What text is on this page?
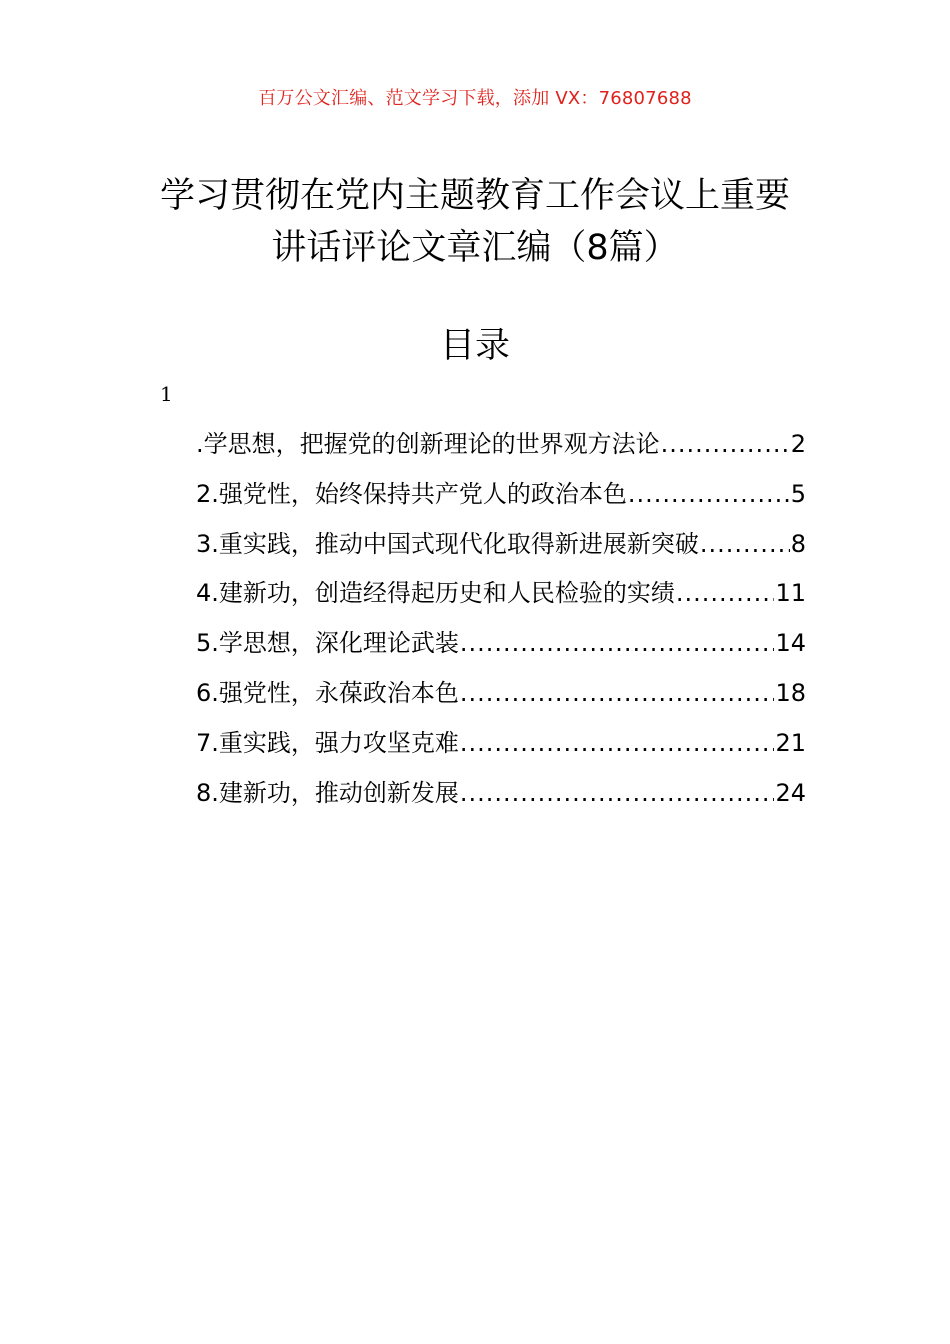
百万公文汇编、范文学习下载，添加 VX：76807688
学习贯彻在党内主题教育工作会议上重要
讲话评论文章汇编（8篇）
目录
1
.学思想，把握党的创新理论的世界观方法论 .....	2
2.强党性，始终保持共产党人的政治本色 .....	5
3.重实践，推动中国式现代化取得新进展新突破 .....	8
4.建新功，创造经得起历史和人民检验的实绩 .....	11
5.学思想，深化理论武装 .....	14
6.强党性，永葆政治本色 .....	18
7.重实践，强力攻坚克难 .....	21
8.建新功，推动创新发展 .....	24
